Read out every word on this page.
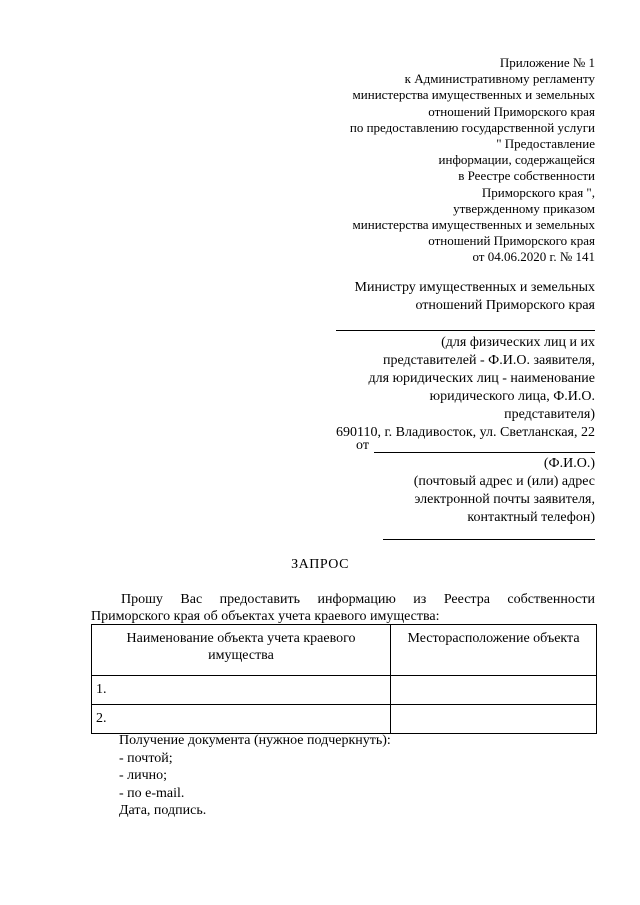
Приложение № 1
к Административному регламенту
министерства имущественных и земельных
отношений Приморского края
по предоставлению государственной услуги
" Предоставление
информации, содержащейся
в Реестре собственности
Приморского края ",
утвержденному приказом
министерства имущественных и земельных
отношений Приморского края
от 04.06.2020 г. № 141
Министру имущественных и земельных
отношений Приморского края
(для физических лиц и их
представителей - Ф.И.О. заявителя,
для юридических лиц - наименование
юридического лица, Ф.И.О.
представителя)
690110, г. Владивосток, ул. Светланская, 22
от
(Ф.И.О.)
(почтовый адрес и (или) адрес
электронной почты заявителя,
контактный телефон)
ЗАПРОС
Прошу Вас предоставить информацию из Реестра собственности
Приморского края об объектах учета краевого имущества:
Наименование объекта учета краевого имущества	Месторасположение объекта
1.	
2.	
Получение документа (нужное подчеркнуть):
- почтой;
- лично;
- по e-mail.
Дата, подпись.
